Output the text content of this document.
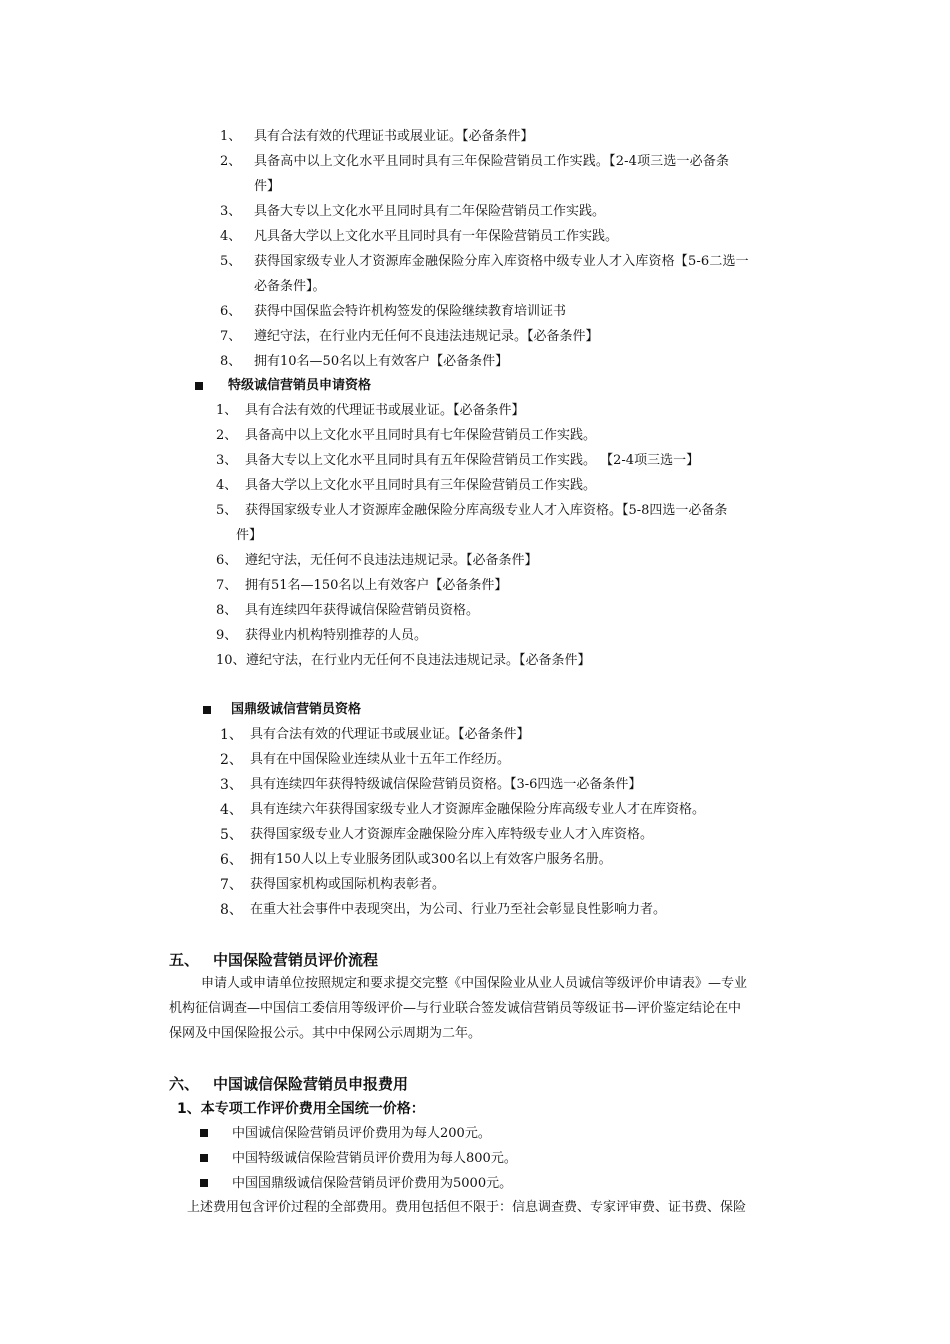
1、 具有合法有效的代理证书或展业证。【必备条件】
2、 具备高中以上文化水平且同时具有三年保险营销员工作实践。【2-4项三选一必备条
件】
3、 具备大专以上文化水平且同时具有二年保险营销员工作实践。
4、 凡具备大学以上文化水平且同时具有一年保险营销员工作实践。
5、 获得国家级专业人才资源库金融保险分库入库资格中级专业人才入库资格【5-6二选一
必备条件】。
6、 获得中国保监会特许机构签发的保险继续教育培训证书
7、 遵纪守法，在行业内无任何不良违法违规记录。【必备条件】
8、 拥有10名—50名以上有效客户【必备条件】
特级诚信营销员申请资格
1、 具有合法有效的代理证书或展业证。【必备条件】
2、 具备高中以上文化水平且同时具有七年保险营销员工作实践。
3、 具备大专以上文化水平且同时具有五年保险营销员工作实践。 【2-4项三选一】
4、 具备大学以上文化水平且同时具有三年保险营销员工作实践。
5、 获得国家级专业人才资源库金融保险分库高级专业人才入库资格。【5-8四选一必备条
件】
6、 遵纪守法，无任何不良违法违规记录。【必备条件】
7、 拥有51名—150名以上有效客户【必备条件】
8、 具有连续四年获得诚信保险营销员资格。
9、 获得业内机构特别推荐的人员。
10、 遵纪守法，在行业内无任何不良违法违规记录。【必备条件】
国鼎级诚信营销员资格
1、 具有合法有效的代理证书或展业证。【必备条件】
2、 具有在中国保险业连续从业十五年工作经历。
3、 具有连续四年获得特级诚信保险营销员资格。【3-6四选一必备条件】
4、 具有连续六年获得国家级专业人才资源库金融保险分库高级专业人才在库资格。
5、 获得国家级专业人才资源库金融保险分库入库特级专业人才入库资格。
6、 拥有150人以上专业服务团队或300名以上有效客户服务名册。
7、 获得国家机构或国际机构表彰者。
8、 在重大社会事件中表现突出，为公司、行业乃至社会彰显良性影响力者。
五、 中国保险营销员评价流程
申请人或申请单位按照规定和要求提交完整《中国保险业从业人员诚信等级评价申请表》—专业
机构征信调查—中国信工委信用等级评价—与行业联合签发诚信营销员等级证书—评价鉴定结论在中
保网及中国保险报公示。其中中保网公示周期为二年。
六、 中国诚信保险营销员申报费用
1、本专项工作评价费用全国统一价格：
中国诚信保险营销员评价费用为每人200元。
中国特级诚信保险营销员评价费用为每人800元。
中国国鼎级诚信保险营销员评价费用为5000元。
上述费用包含评价过程的全部费用。费用包括但不限于：信息调查费、专家评审费、证书费、保险
